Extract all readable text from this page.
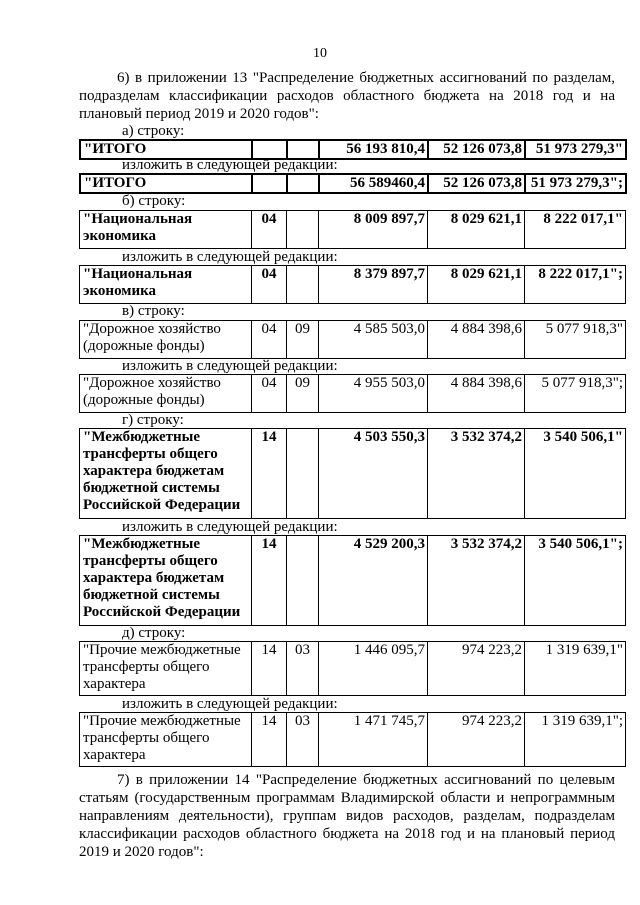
10
6) в приложении 13 "Распределение бюджетных ассигнований по разделам, подразделам классификации расходов областного бюджета на 2018 год и на плановый период 2019 и 2020 годов":
а) строку:
"ИТОГО			56 193 810,4	52 126 073,8	51 973 279,3"
изложить в следующей редакции:
"ИТОГО			56 589460,4	52 126 073,8	51 973 279,3";
б) строку:
"Национальная экономика	04		8 009 897,7	8 029 621,1	8 222 017,1"
изложить в следующей редакции:
"Национальная экономика	04		8 379 897,7	8 029 621,1	8 222 017,1";
в) строку:
"Дорожное хозяйство (дорожные фонды)	04	09	4 585 503,0	4 884 398,6	5 077 918,3"
изложить в следующей редакции:
"Дорожное хозяйство (дорожные фонды)	04	09	4 955 503,0	4 884 398,6	5 077 918,3";
г) строку:
"Межбюджетные трансферты общего характера бюджетам бюджетной системы Российской Федерации	14		4 503 550,3	3 532 374,2	3 540 506,1"
изложить в следующей редакции:
"Межбюджетные трансферты общего характера бюджетам бюджетной системы Российской Федерации	14		4 529 200,3	3 532 374,2	3 540 506,1";
д) строку:
"Прочие межбюджетные трансферты общего характера	14	03	1 446 095,7	974 223,2	1 319 639,1"
изложить в следующей редакции:
"Прочие межбюджетные трансферты общего характера	14	03	1 471 745,7	974 223,2	1 319 639,1";
7) в приложении 14 "Распределение бюджетных ассигнований по целевым статьям (государственным программам Владимирской области и непрограммным направлениям деятельности), группам видов расходов, разделам, подразделам классификации расходов областного бюджета на 2018 год и на плановый период 2019 и 2020 годов":
